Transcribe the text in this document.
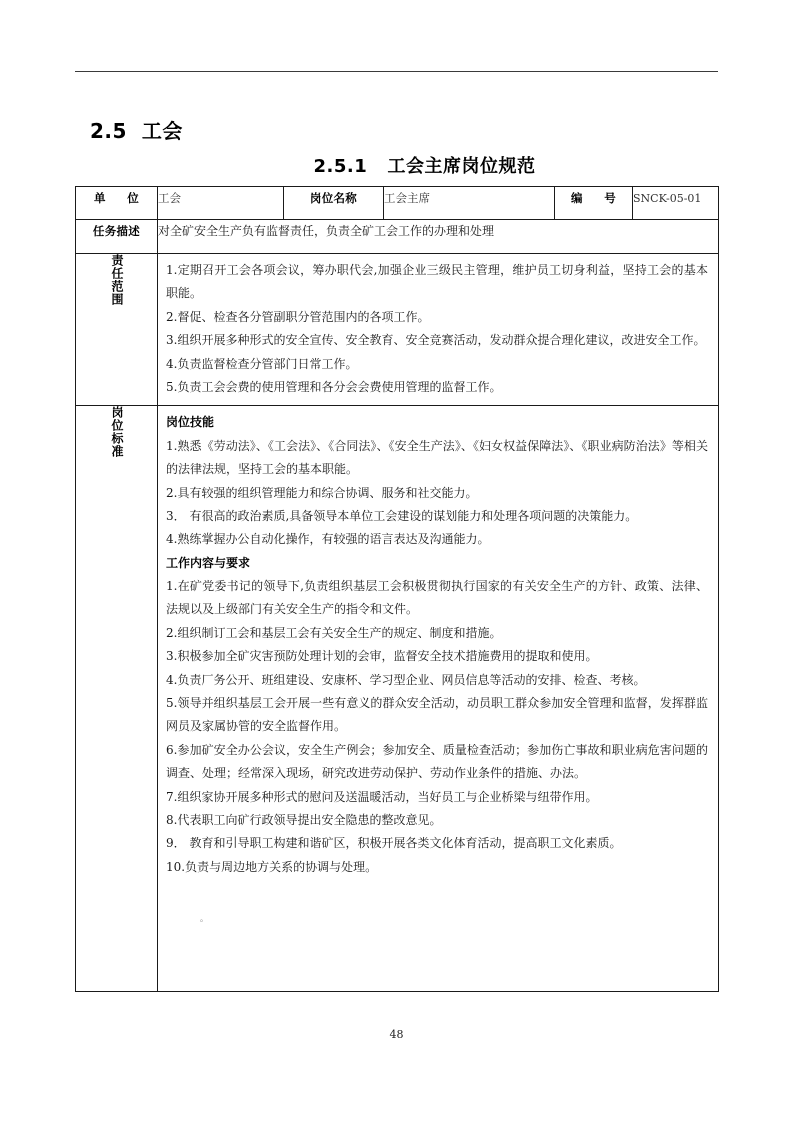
2.5  工会
2.5.1   工会主席岗位规范
单     位	工会	岗位名称	工会主席	编     号	SNCK-05-01
任务描述	对全矿安全生产负有监督责任，负责全矿工会工作的办理和处理				
责任范围	1.定期召开工会各项会议，筹办职代会,加强企业三级民主管理，维护员工切身利益，坚持工会的基本职能。

2.督促、检查各分管副职分管范围内的各项工作。

3.组织开展多种形式的安全宣传、安全教育、安全竞赛活动，发动群众提合理化建议，改进安全工作。

4.负责监督检查分管部门日常工作。

5.负责工会会费的使用管理和各分会会费使用管理的监督工作。				

岗位标准	岗位技能

1.熟悉《劳动法》、《工会法》、《合同法》、《安全生产法》、《妇女权益保障法》、《职业病防治法》等相关的法律法规，坚持工会的基本职能。

2.具有较强的组织管理能力和综合协调、服务和社交能力。

3． 有很高的政治素质,具备领导本单位工会建设的谋划能力和处理各项问题的决策能力。

4.熟练掌握办公自动化操作，有较强的语言表达及沟通能力。

工作内容与要求

1.在矿党委书记的领导下,负责组织基层工会积极贯彻执行国家的有关安全生产的方针、政策、法律、法规以及上级部门有关安全生产的指令和文件。

2.组织制订工会和基层工会有关安全生产的规定、制度和措施。

3.积极参加全矿灾害预防处理计划的会审，监督安全技术措施费用的提取和使用。

4.负责厂务公开、班组建设、安康杯、学习型企业、网员信息等活动的安排、检查、考核。

5.领导并组织基层工会开展一些有意义的群众安全活动，动员职工群众参加安全管理和监督，发挥群监网员及家属协管的安全监督作用。

6.参加矿安全办公会议，安全生产例会；参加安全、质量检查活动；参加伤亡事故和职业病危害问题的调查、处理；经常深入现场，研究改进劳动保护、劳动作业条件的措施、办法。

7.组织家协开展多种形式的慰问及送温暖活动，当好员工与企业桥梁与纽带作用。

8.代表职工向矿行政领导提出安全隐患的整改意见。

9． 教育和引导职工构建和谐矿区，积极开展各类文化体育活动，提高职工文化素质。

10.负责与周边地方关系的协调与处理。

。

48
